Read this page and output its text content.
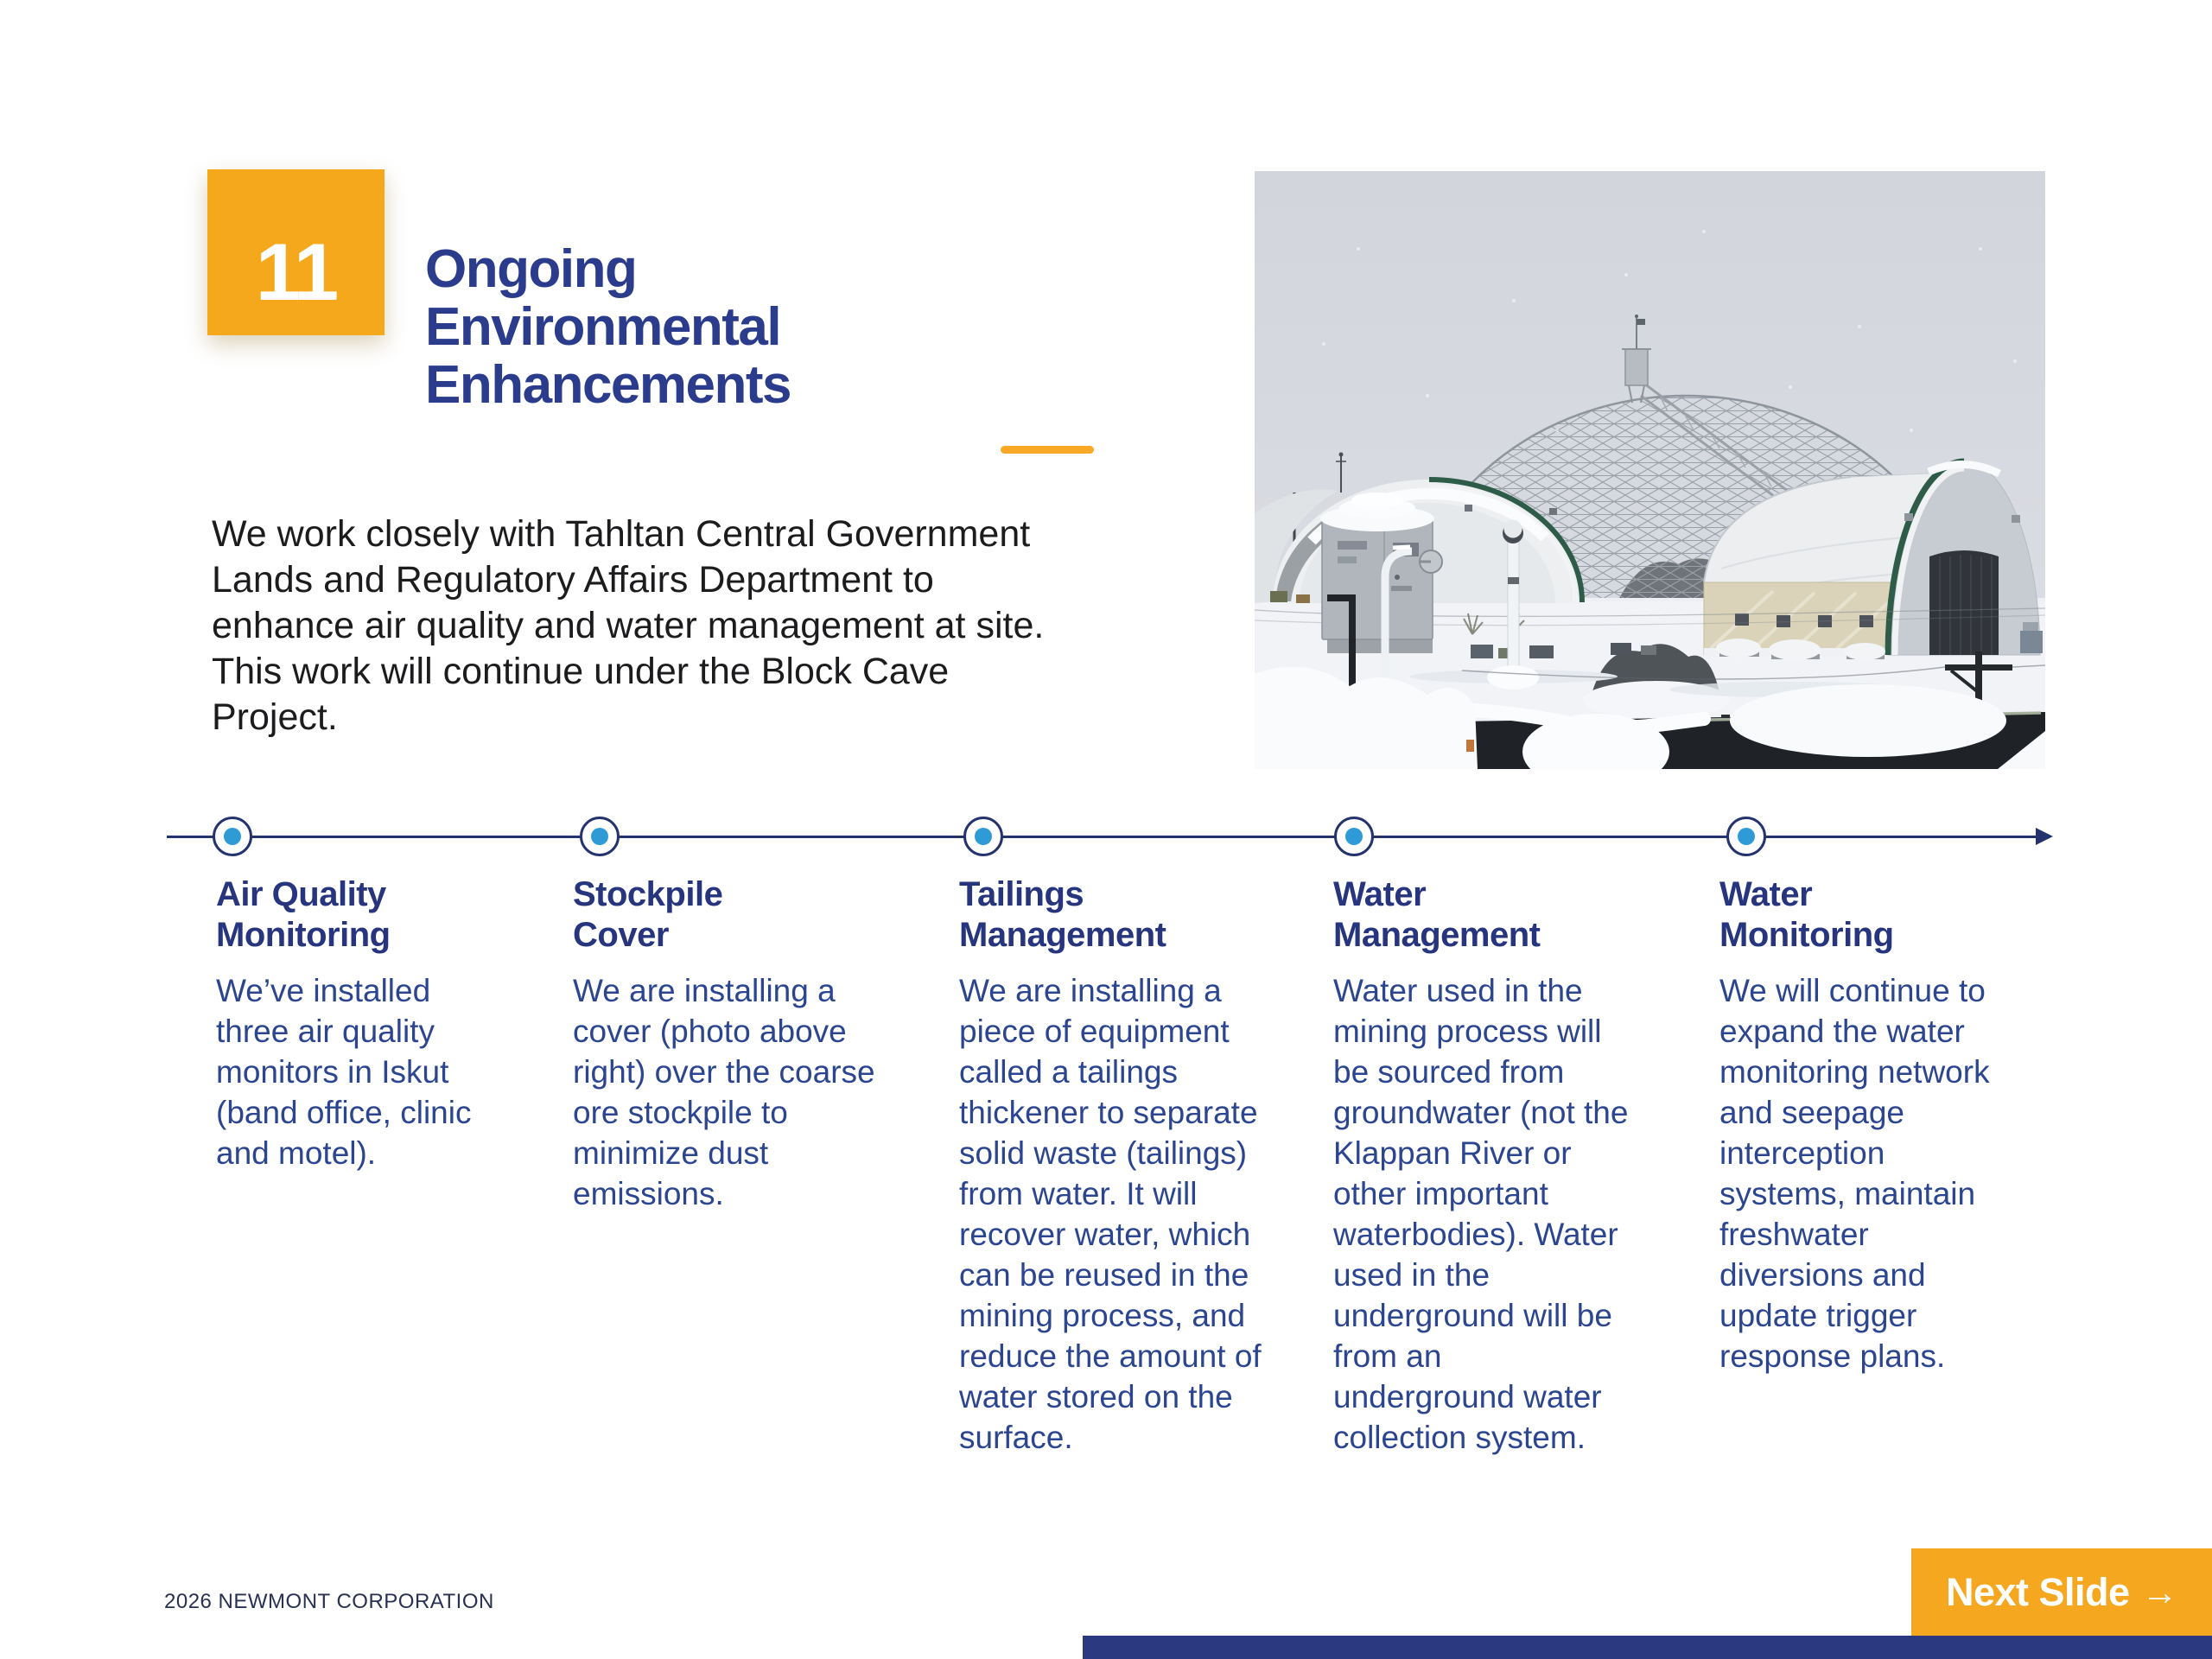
11 Ongoing
Environmental
Enhancements
We work closely with Tahltan Central Government Lands and Regulatory Affairs Department to enhance air quality and water management at site. This work will continue under the Block Cave Project.
Air Quality
Monitoring
We’ve installed three air quality monitors in Iskut (band office, clinic and motel).
Stockpile
Cover
We are installing a cover (photo above right) over the coarse ore stockpile to minimize dust emissions.
Tailings
Management
We are installing a piece of equipment called a tailings thickener to separate solid waste (tailings) from water. It will recover water, which can be reused in the mining process, and reduce the amount of water stored on the surface.
Water
Management
Water used in the mining process will be sourced from groundwater (not the Klappan River or other important waterbodies). Water used in the underground will be from an underground water collection system.
Water
Monitoring
We will continue to expand the water monitoring network and seepage interception systems, maintain freshwater diversions and update trigger response plans.
2026 NEWMONT CORPORATION	Next Slide →
